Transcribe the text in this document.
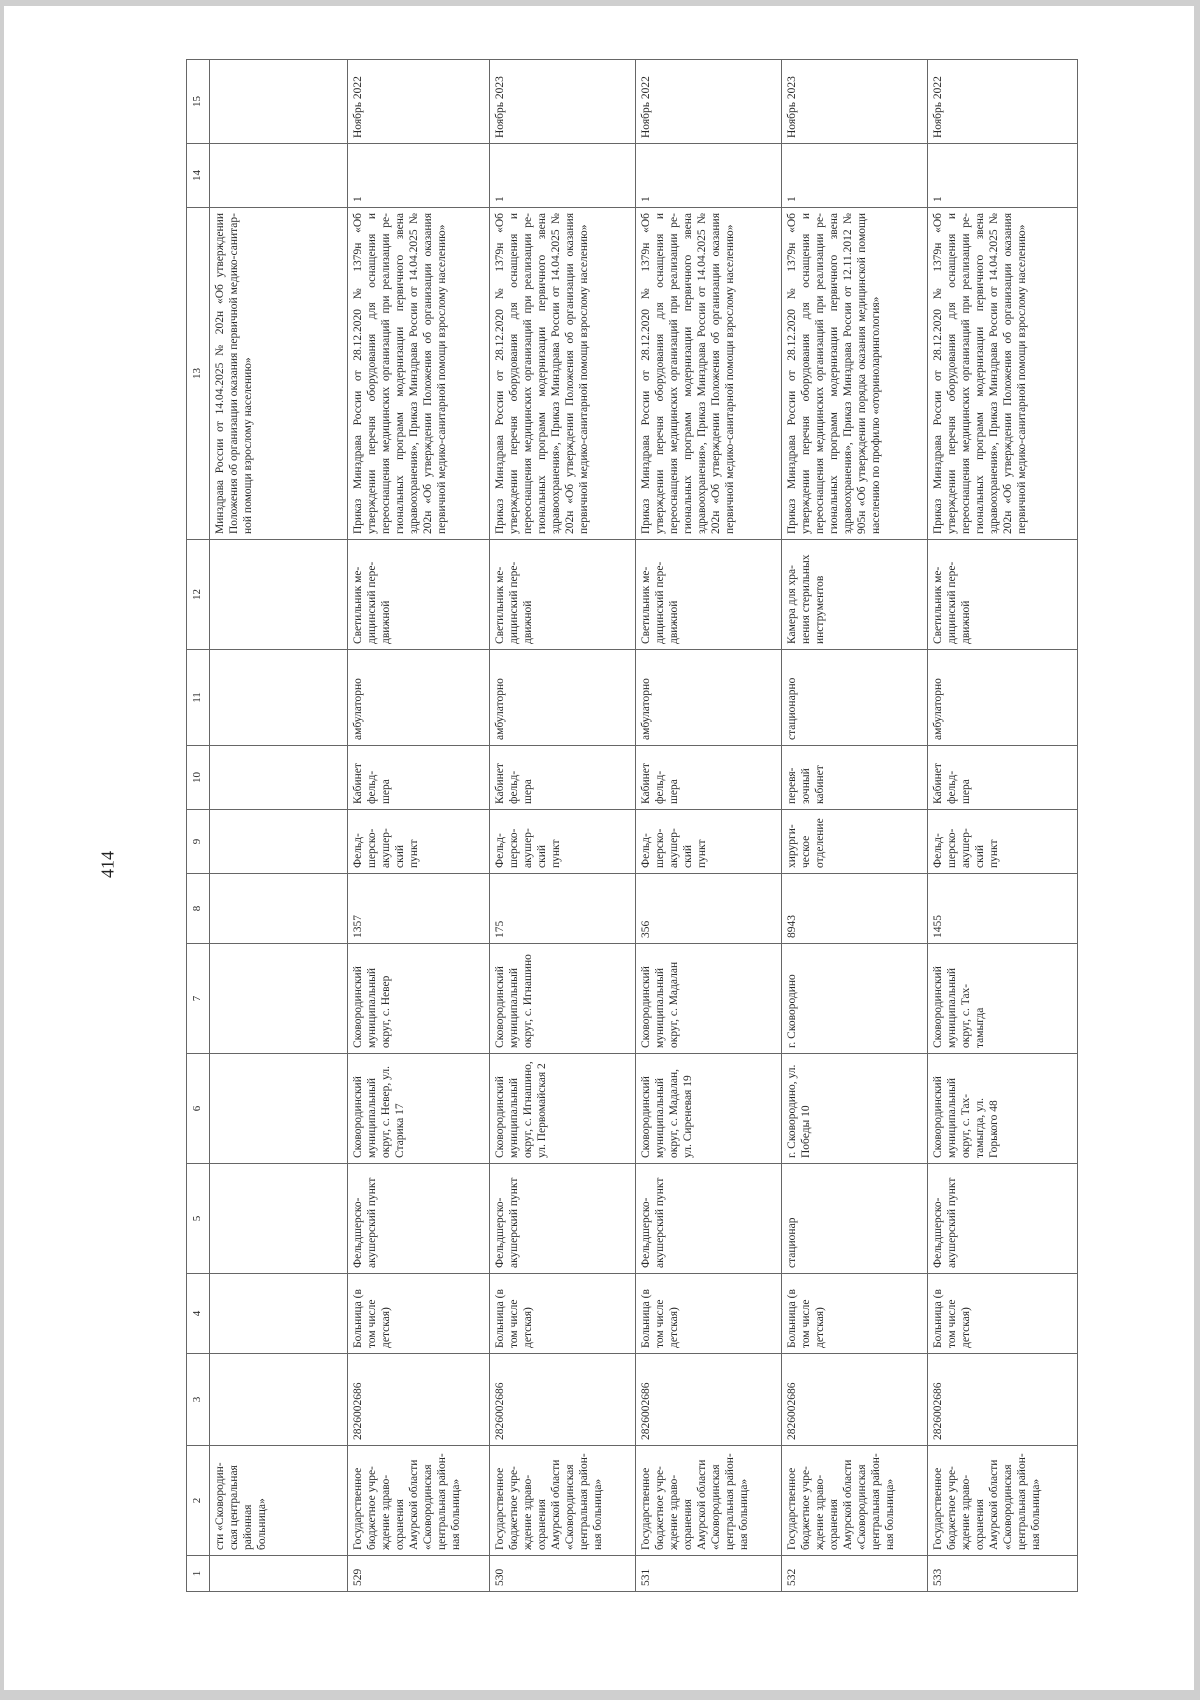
414
1	2	3	4	5	6	7	8	9	10	11	12	13	14	15
	сти «Сковородинская центральная районная больница»											Минздрава России от 14.04.2025 № 202н «Об утверждении Положения об организации оказания первичной медико-санитарной помощи взрослому населению»		
529	Государственное бюджетное учреждение здравоохранения Амурской области «Сковородинская центральная районная больница»	2826002686	Больница (в том числе детская)	Фельдшерско-акушерский пункт	Сковородинский муниципальный округ, с. Невер, ул. Старика 17	Сковородинский муниципальный округ, с. Невер	1357	Фельдшерско-акушерский пункт	Кабинет фельдшера	амбулаторно	Светильник медицинский передвижной	Приказ Минздрава России от 28.12.2020 № 1379н «Об утверждении перечня оборудования для оснащения и переоснащения медицинских организаций при реализации региональных программ модернизации первичного звена здравоохранения», Приказ Минздрава России от 14.04.2025 № 202н «Об утверждении Положения об организации оказания первичной медико-санитарной помощи взрослому населению»	1	Ноябрь 2022
530	Государственное бюджетное учреждение здравоохранения Амурской области «Сковородинская центральная районная больница»	2826002686	Больница (в том числе детская)	Фельдшерско-акушерский пункт	Сковородинский муниципальный округ, с. Игнашино, ул. Первомайская 2	Сковородинский муниципальный округ, с. Игнашино	175	Фельдшерско-акушерский пункт	Кабинет фельдшера	амбулаторно	Светильник медицинский передвижной	Приказ Минздрава России от 28.12.2020 № 1379н «Об утверждении перечня оборудования для оснащения и переоснащения медицинских организаций при реализации региональных программ модернизации первичного звена здравоохранения», Приказ Минздрава России от 14.04.2025 № 202н «Об утверждении Положения об организации оказания первичной медико-санитарной помощи взрослому населению»	1	Ноябрь 2023
531	Государственное бюджетное учреждение здравоохранения Амурской области «Сковородинская центральная районная больница»	2826002686	Больница (в том числе детская)	Фельдшерско-акушерский пункт	Сковородинский муниципальный округ, с. Мадалан, ул. Сиреневая 19	Сковородинский муниципальный округ, с. Мадалан	356	Фельдшерско-акушерский пункт	Кабинет фельдшера	амбулаторно	Светильник медицинский передвижной	Приказ Минздрава России от 28.12.2020 № 1379н «Об утверждении перечня оборудования для оснащения и переоснащения медицинских организаций при реализации региональных программ модернизации первичного звена здравоохранения», Приказ Минздрава России от 14.04.2025 № 202н «Об утверждении Положения об организации оказания первичной медико-санитарной помощи взрослому населению»	1	Ноябрь 2022
532	Государственное бюджетное учреждение здравоохранения Амурской области «Сковородинская центральная районная больница»	2826002686	Больница (в том числе детская)	стационар	г. Сковородино, ул. Победы 10	г. Сковородино	8943	хирургическое отделение	перевязочный кабинет	стационарно	Камера для хранения стерильных инструментов	Приказ Минздрава России от 28.12.2020 № 1379н «Об утверждении перечня оборудования для оснащения и переоснащения медицинских организаций при реализации региональных программ модернизации первичного звена здравоохранения», Приказ Минздрава России от 12.11.2012 № 905н «Об утверждении порядка оказания медицинской помощи населению по профилю «оториноларингология»	1	Ноябрь 2023
533	Государственное бюджетное учреждение здравоохранения Амурской области «Сковородинская центральная районная больница»	2826002686	Больница (в том числе детская)	Фельдшерско-акушерский пункт	Сковородинский муниципальный округ, с. Тахтамыгда, ул. Горького 48	Сковородинский муниципальный округ, с. Тахтамыгда	1455	Фельдшерско-акушерский пункт	Кабинет фельдшера	амбулаторно	Светильник медицинский передвижной	Приказ Минздрава России от 28.12.2020 № 1379н «Об утверждении перечня оборудования для оснащения и переоснащения медицинских организаций при реализации региональных программ модернизации первичного звена здравоохранения», Приказ Минздрава России от 14.04.2025 № 202н «Об утверждении Положения об организации оказания первичной медико-санитарной помощи взрослому населению»	1	Ноябрь 2022
